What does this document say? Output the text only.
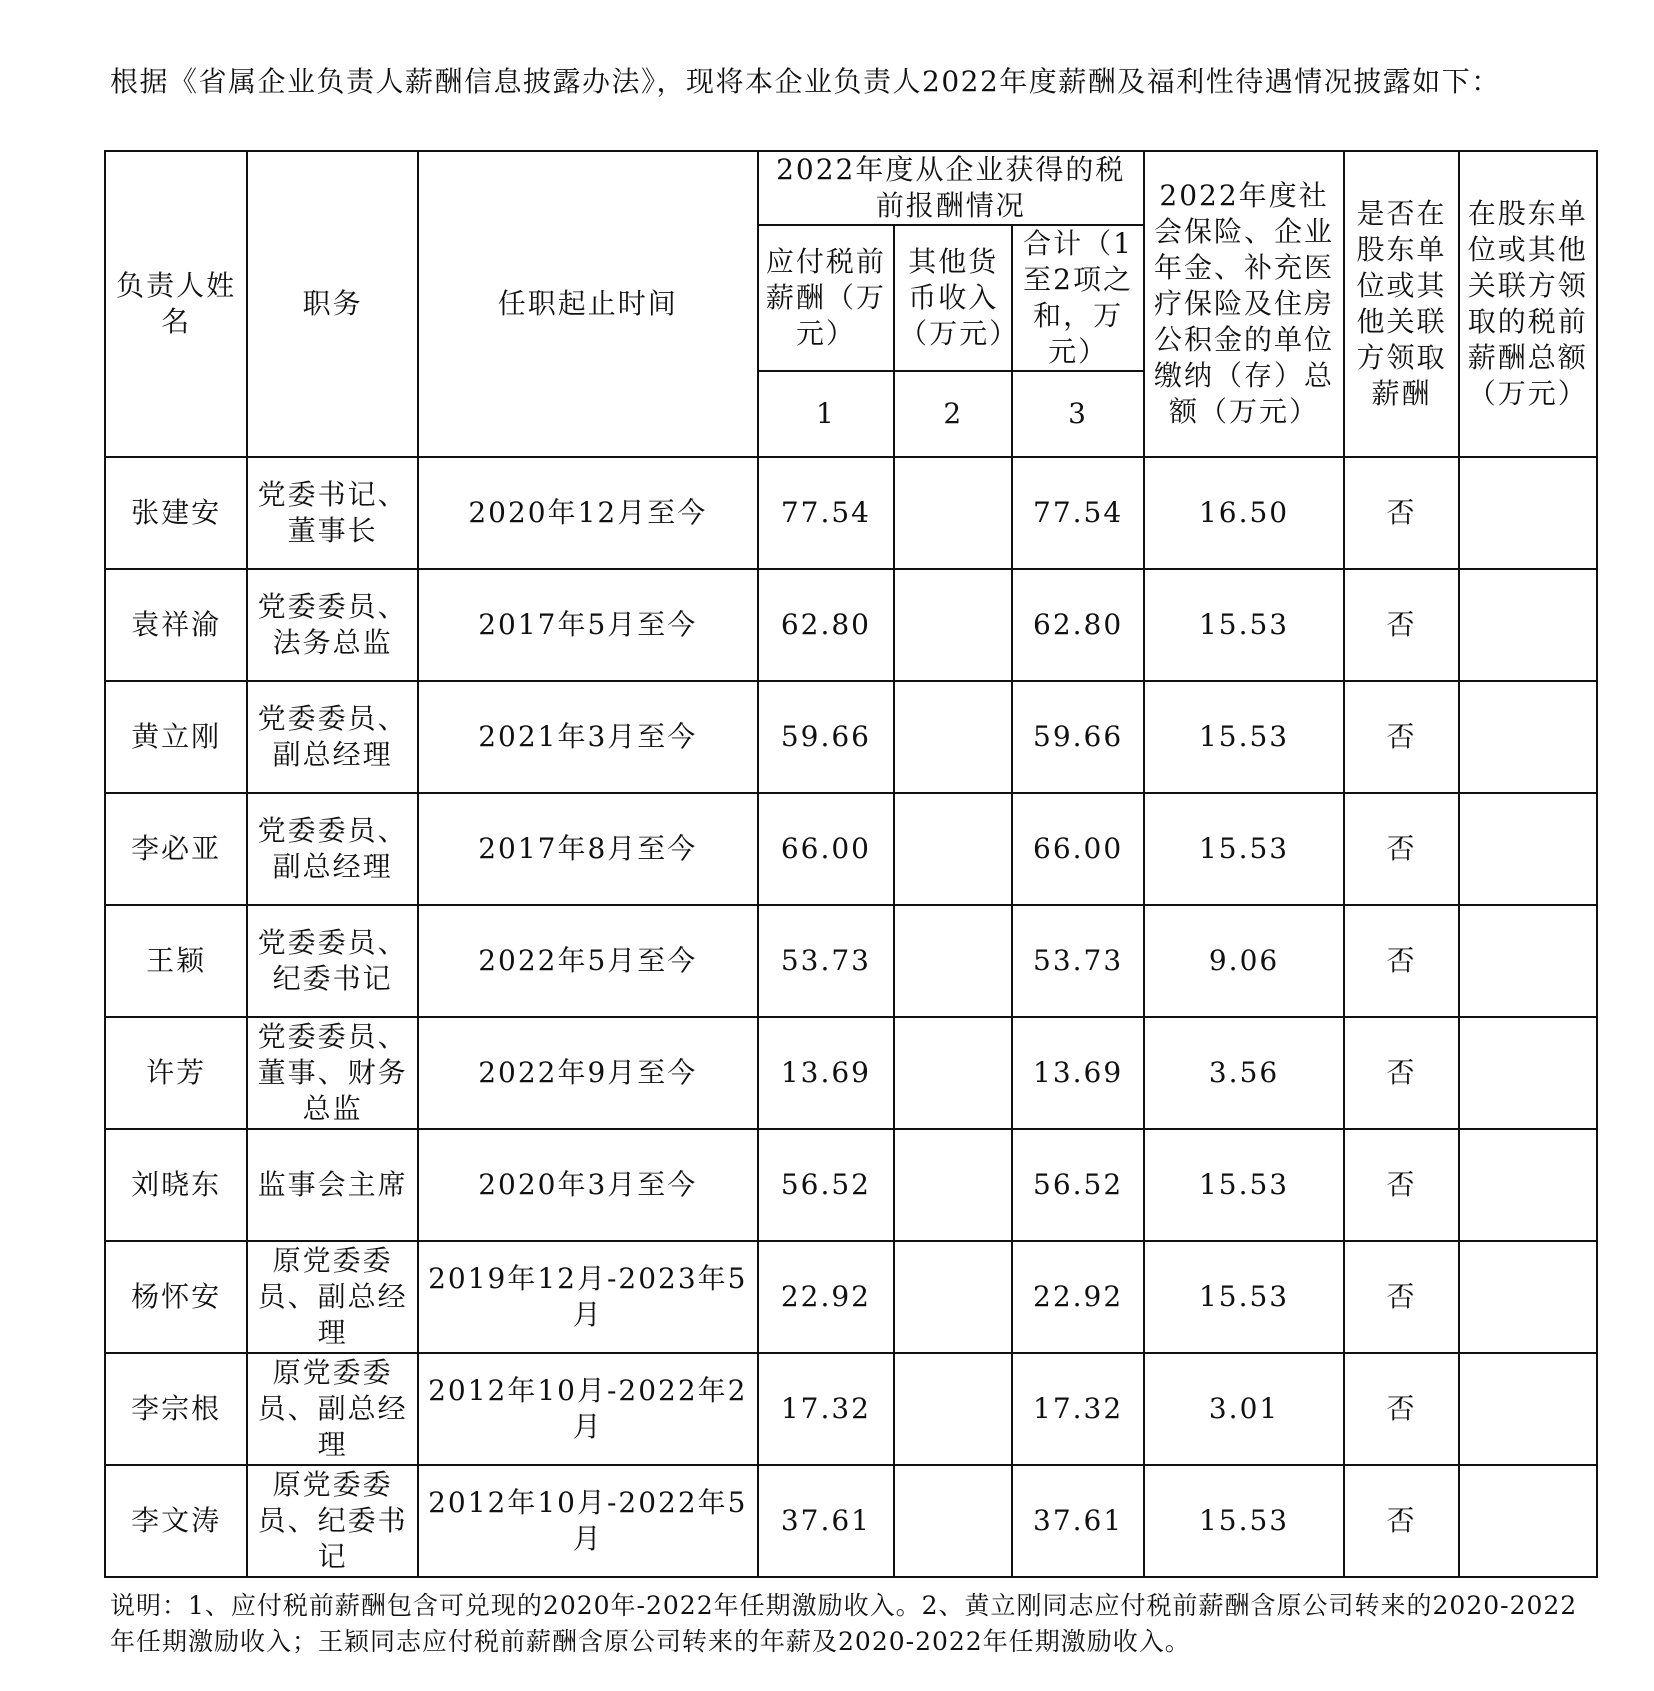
根据《省属企业负责人薪酬信息披露办法》，现将本企业负责人2022年度薪酬及福利性待遇情况披露如下：
负责人姓名	职务	任职起止时间	2022年度从企业获得的税前报酬情况			2022年度社会保险、企业年金、补充医疗保险及住房公积金的单位缴纳（存）总额（万元）	是否在股东单位或其他关联方领取薪酬	在股东单位或其他关联方领取的税前薪酬总额（万元）
			应付税前薪酬（万元）	其他货币收入（万元）	合计（1至2项之和，万元）			
			1	2	3			
张建安	党委书记、董事长	2020年12月至今	77.54		77.54	16.50	否	
袁祥渝	党委委员、法务总监	2017年5月至今	62.80		62.80	15.53	否	
黄立刚	党委委员、副总经理	2021年3月至今	59.66		59.66	15.53	否	
李必亚	党委委员、副总经理	2017年8月至今	66.00		66.00	15.53	否	
王颖	党委委员、纪委书记	2022年5月至今	53.73		53.73	9.06	否	
许芳	党委委员、董事、财务总监	2022年9月至今	13.69		13.69	3.56	否	
刘晓东	监事会主席	2020年3月至今	56.52		56.52	15.53	否	
杨怀安	原党委委员、副总经理	2019年12月-2023年5月	22.92		22.92	15.53	否	
李宗根	原党委委员、副总经理	2012年10月-2022年2月	17.32		17.32	3.01	否	
李文涛	原党委委员、纪委书记	2012年10月-2022年5月	37.61		37.61	15.53	否	
说明：1、应付税前薪酬包含可兑现的2020年-2022年任期激励收入。2、黄立刚同志应付税前薪酬含原公司转来的2020-2022年任期激励收入；王颖同志应付税前薪酬含原公司转来的年薪及2020-2022年任期激励收入。
